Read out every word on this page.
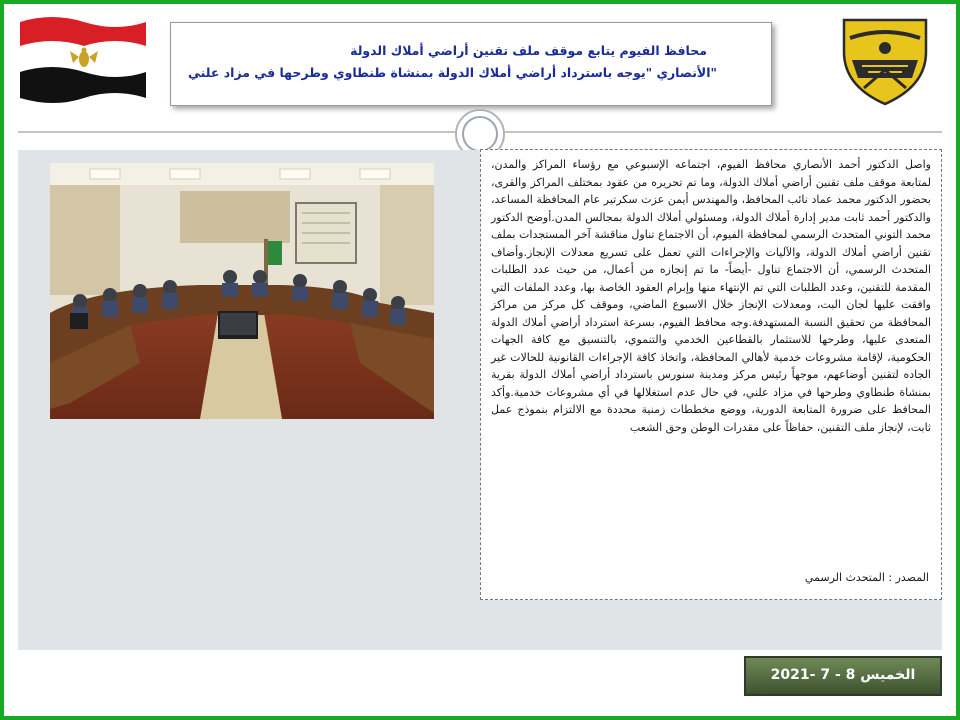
محافظ الفيوم يتابع موقف ملف تقنين أراضي أملاك الدولة
"الأنصاري "يوجه باسترداد أراضي أملاك الدولة بمنشاة طنطاوي وطرحها في مزاد علني

واصل الدكتور أحمد الأنصاري محافظ الفيوم، اجتماعه الإسبوعي مع رؤساء المراكز والمدن، لمتابعة موقف ملف تقنين أراضي أملاك الدولة، وما تم تحريره من عقود بمختلف المراكز والقرى، بحضور الدكتور محمد عماد نائب المحافظ، والمهندس أيمن عزت سكرتير عام المحافظة المساعد، والدكتور أحمد ثابت مدير إدارة أملاك الدولة، ومسئولي أملاك الدولة بمجالس المدن.أوضح الدكتور محمد التوني المتحدث الرسمي لمحافظة الفيوم، أن الاجتماع تناول مناقشة آخر المستجدات بملف تقنين أراضي أملاك الدولة، والآليات والإجراءات التي تعمل على تسريع معدلات الإنجاز.وأضاف المتحدث الرسمي، أن الاجتماع تناول -أيضاً- ما تم إنجازه من أعمال، من حيث عدد الطلبات المقدمة للتقنين، وعدد الطلبات التي تم الإنتهاء منها وإبرام العقود الخاصة بها، وعدد الملفات التي وافقت عليها لجان البت، ومعدلات الإنجاز خلال الاسبوع الماضي، وموقف كل مركز من مراكز المحافظة من تحقيق النسبة المستهدفة.وجه محافظ الفيوم، بسرعة استرداد أراضي أملاك الدولة المتعدى عليها، وطرحها للاستثمار بالقطاعين الخدمي والتنموي، بالتنسيق مع كافة الجهات الحكومية، لإقامة مشروعات خدمية لأهالي المحافظة، واتخاذ كافة الإجراءات القانونية للحالات غير الجاده لتقنين أوضاعهم، موجهاً رئيس مركز ومدينة سنورس باسترداد أراضي أملاك الدولة بقرية بمنشاة طنطاوي وطرحها في مزاد علني، في حال عدم استغلالها في أي مشروعات خدمية.وأكد المحافظ على ضرورة المتابعة الدورية، ووضع مخططات زمنية محددة مع الالتزام بنموذج عمل ثابت، لإنجاز ملف التقنين، حفاظاً على مقدرات الوطن وحق الشعب

المصدر : المتحدث الرسمي
الخميس 8 - 7 -2021
